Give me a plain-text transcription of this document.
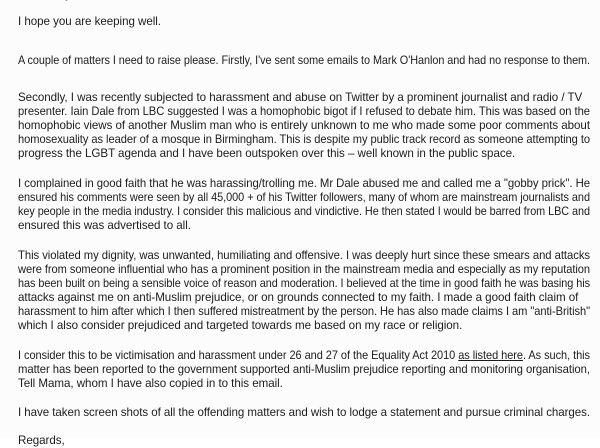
I hope you are keeping well.
A couple of matters I need to raise please. Firstly, I've sent some emails to Mark O'Hanlon and had no response to them.
Secondly, I was recently subjected to harassment and abuse on Twitter by a prominent journalist and radio / TV
presenter. Iain Dale from LBC suggested I was a homophobic bigot if I refused to debate him. This was based on the
homophobic views of another Muslim man who is entirely unknown to me who made some poor comments about
homosexuality as leader of a mosque in Birmingham. This is despite my public track record as someone attempting to
progress the LGBT agenda and I have been outspoken over this – well known in the public space.
I complained in good faith that he was harassing/trolling me. Mr Dale abused me and called me a "gobby prick". He
ensured his comments were seen by all 45,000 + of his Twitter followers, many of whom are mainstream journalists and
key people in the media industry. I consider this malicious and vindictive. He then stated I would be barred from LBC and
ensured this was advertised to all.
This violated my dignity, was unwanted, humiliating and offensive. I was deeply hurt since these smears and attacks
were from someone influential who has a prominent position in the mainstream media and especially as my reputation
has been built on being a sensible voice of reason and moderation. I believed at the time in good faith he was basing his
attacks against me on anti-Muslim prejudice, or on grounds connected to my faith. I made a good faith claim of
harassment to him after which I then suffered mistreatment by the person. He has also made claims I am "anti-British"
which I also consider prejudiced and targeted towards me based on my race or religion.
I consider this to be victimisation and harassment under 26 and 27 of the Equality Act 2010 as listed here. As such, this
matter has been reported to the government supported anti-Muslim prejudice reporting and monitoring organisation,
Tell Mama, whom I have also copied in to this email.
I have taken screen shots of all the offending matters and wish to lodge a statement and pursue criminal charges.
Regards,
